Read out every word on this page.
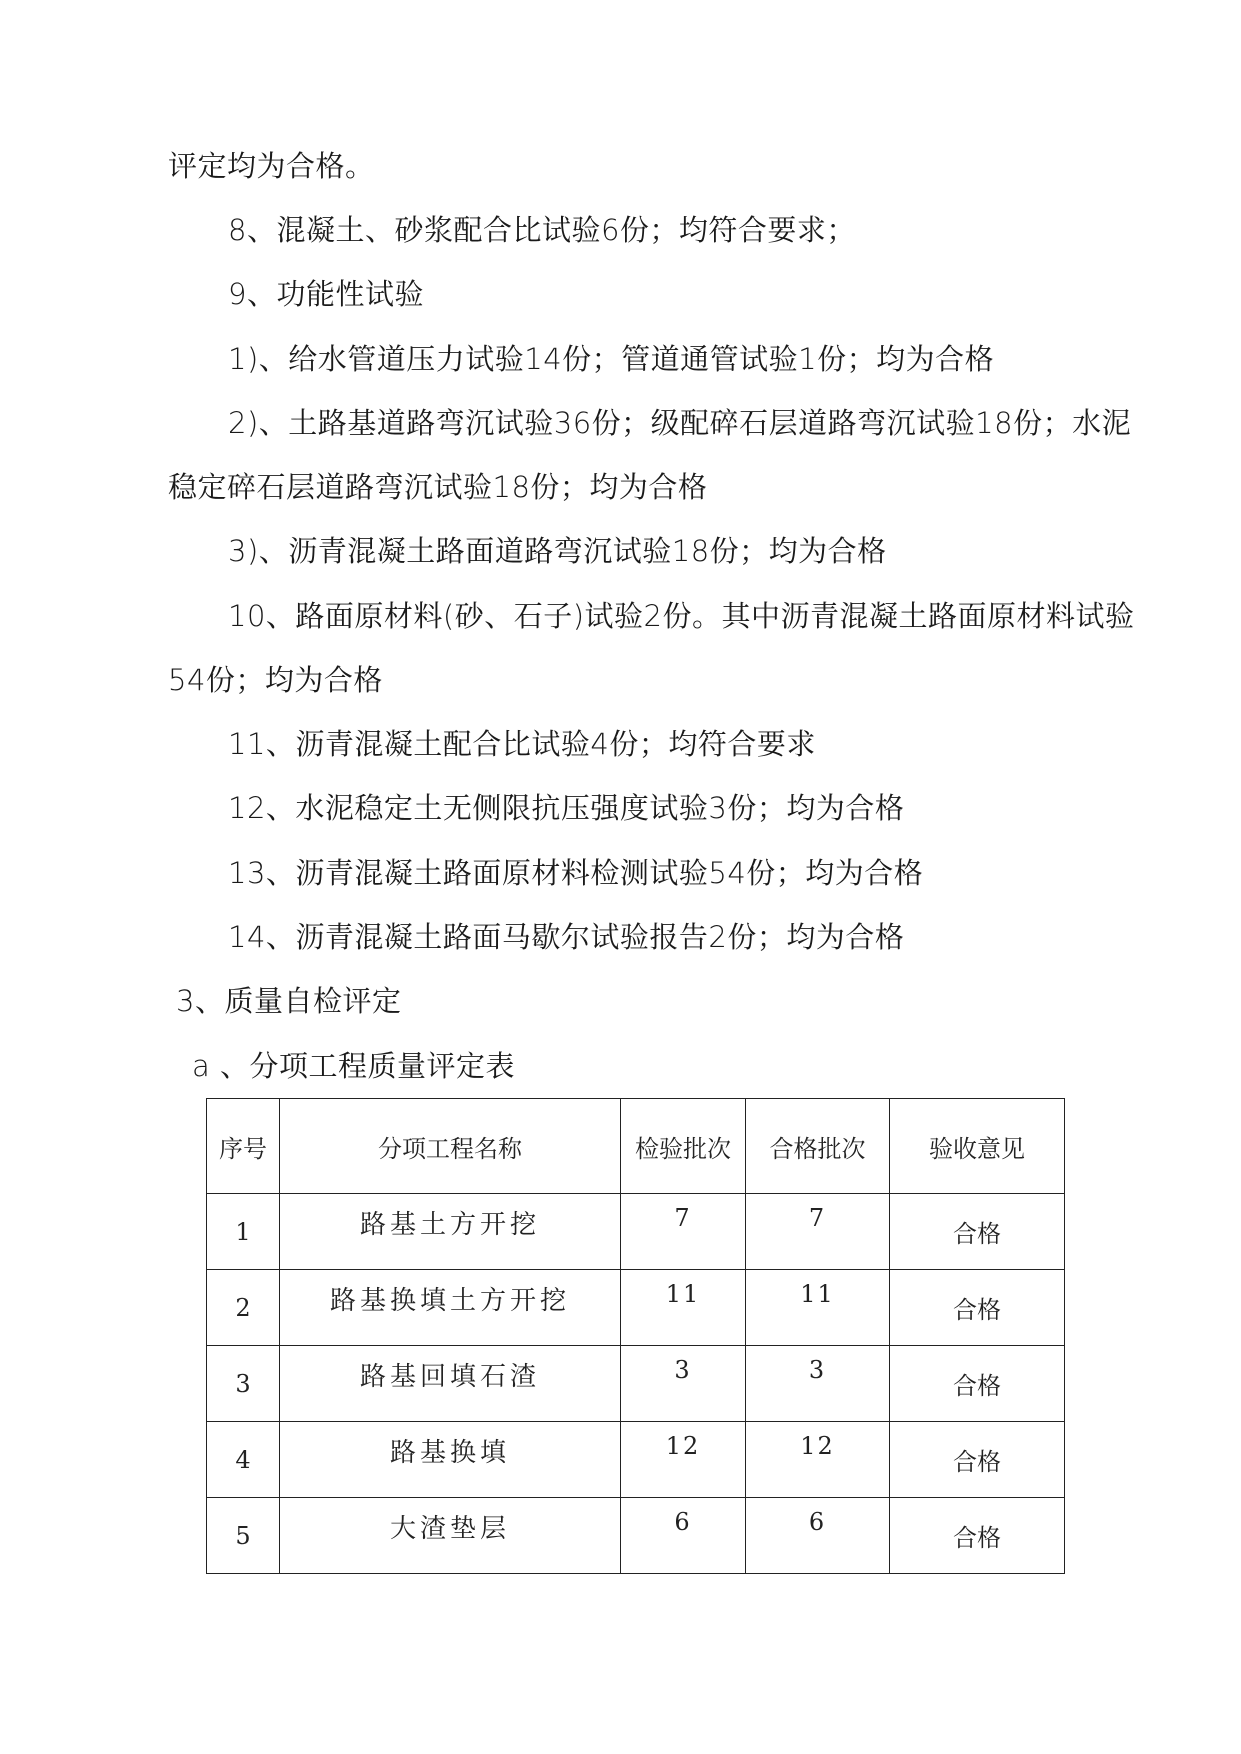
评定均为合格。
8、混凝土、砂浆配合比试验6份；均符合要求；
9、功能性试验
1)、给水管道压力试验14份；管道通管试验1份；均为合格
2)、土路基道路弯沉试验36份；级配碎石层道路弯沉试验18份；水泥
稳定碎石层道路弯沉试验18份；均为合格
3)、沥青混凝土路面道路弯沉试验18份；均为合格
10、路面原材料(砂、石子)试验2份。其中沥青混凝土路面原材料试验
54份；均为合格
11、沥青混凝土配合比试验4份；均符合要求
12、水泥稳定土无侧限抗压强度试验3份；均为合格
13、沥青混凝土路面原材料检测试验54份；均为合格
14、沥青混凝土路面马歇尔试验报告2份；均为合格
3、质量自检评定
a 、分项工程质量评定表
序号	分项工程名称	检验批次	合格批次	验收意见
1	路基土方开挖	7	7	合格
2	路基换填土方开挖	11	11	合格
3	路基回填石渣	3	3	合格
4	路基换填	12	12	合格
5	大渣垫层	6	6	合格
